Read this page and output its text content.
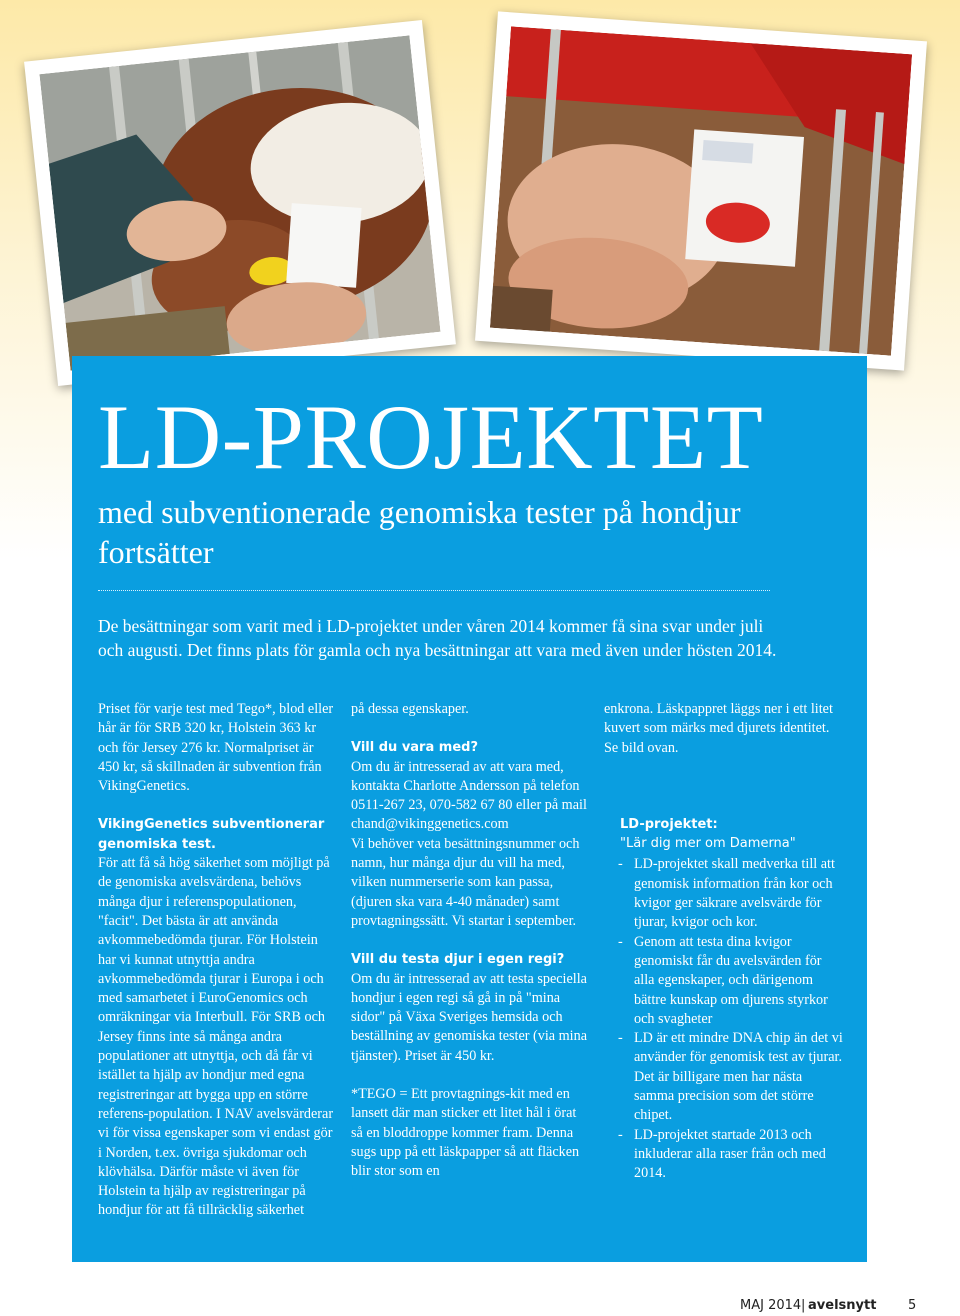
LD-PROJEKTET
med subventionerade genomiska tester på hondjur fortsätter

De besättningar som varit med i LD-projektet under våren 2014 kommer få sina svar under juli och augusti. Det finns plats för gamla och nya besättningar att vara med även under hösten 2014.

Priset för varje test med Tego*, blod eller hår är för SRB 320 kr, Holstein 363 kr och för Jersey 276 kr. Normalpriset är 450 kr, så skillnaden är subvention från VikingGenetics.

VikingGenetics subventionerar genomiska test.

För att få så hög säkerhet som möjligt på de genomiska avelsvärdena, behövs många djur i referenspopulationen, "facit". Det bästa är att använda avkommebedömda tjurar. För Holstein har vi kunnat utnyttja andra avkommebedömda tjurar i Europa i och med samarbetet i EuroGenomics och omräkningar via Interbull. För SRB och Jersey finns inte så många andra populationer att utnyttja, och då får vi istället ta hjälp av hondjur med egna registreringar att bygga upp en större referens-population. I NAV avelsvärderar vi för vissa egenskaper som vi endast gör i Norden, t.ex. övriga sjukdomar och klövhälsa. Därför måste vi även för Holstein ta hjälp av registreringar på hondjur för att få tillräcklig säkerhet

på dessa egenskaper.

Vill du vara med?

Om du är intresserad av att vara med, kontakta Charlotte Andersson på telefon 0511-267 23, 070-582 67 80 eller på mail chand@vikinggenetics.com

Vi behöver veta besättningsnummer och namn, hur många djur du vill ha med, vilken nummerserie som kan passa, (djuren ska vara 4-40 månader) samt provtagningssätt. Vi startar i september.

Vill du testa djur i egen regi?

Om du är intresserad av att testa speciella hondjur i egen regi så gå in på "mina sidor" på Växa Sveriges hemsida och beställning av genomiska tester (via mina tjänster). Priset är 450 kr.

*TEGO = Ett provtagnings-kit med en lansett där man sticker ett litet hål i örat så en bloddroppe kommer fram. Denna sugs upp på ett läskpapper så att fläcken blir stor som en

enkrona. Läskpappret läggs ner i ett litet kuvert som märks med djurets identitet. Se bild ovan.

LD-projektet:

"Lär dig mer om Damerna"

- LD-projektet skall medverka till att genomisk information från kor och kvigor ger säkrare avelsvärde för tjurar, kvigor och kor.
- Genom att testa dina kvigor genomiskt får du avelsvärden för alla egenskaper, och därigenom bättre kunskap om djurens styrkor och svagheter
- LD är ett mindre DNA chip än det vi använder för genomisk test av tjurar. Det är billigare men har nästa samma precision som det större chipet.
- LD-projektet startade 2013 och inkluderar alla raser från och med 2014.
MAJ 2014 | avelsnytt 5
